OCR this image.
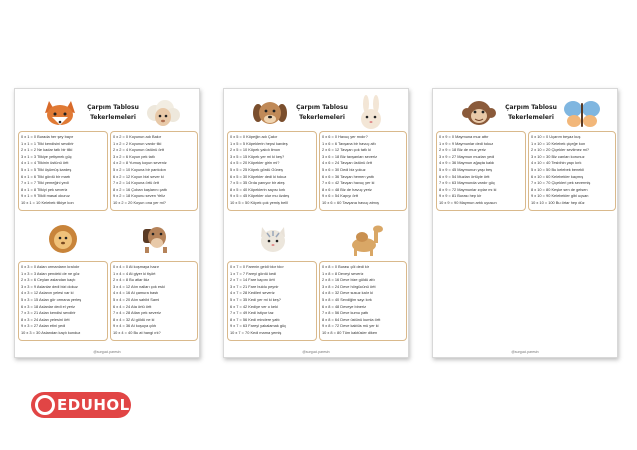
Çarpım Tablosu
Tekerlemeleri
0 x 1 = 0 Burada her şey bayır
1 x 1 = 1 Tilki kendisini sevdirir
2 x 1 = 2 Ne kadar tatlı bir tilki
3 x 1 = 3 Tilkiye yetişmek güç
4 x 1 = 4 Tilkinin üstünü örtt
5 x 1 = 5 Tilki üşümüş kardeş
6 x 1 = 6 Tilki gördü bir martı
7 x 1 = 7 Tilki yemeğini yedi
8 x 1 = 8 Tilkiyi pek severiz
9 x 1 = 9 Tilkili masal okuruz
10 x 1 = 10 Kelebek tilkiye kon
0 x 2 = 0 Koyunun adı Bakır
1 x 2 = 2 Koyunun vardır tiki
2 x 2 = 4 Koyunun üstünü örtt
3 x 2 = 6 Koyun pek tatlı
4 x 2 = 8 Yumuş koyun seveniz
5 x 2 = 10 Koyuna bir pantolon
6 x 2 = 12 Koyun bizi sever ki
7 x 2 = 14 Koyuna örtü örtt
8 x 2 = 16 Çoban kaşlarını çattı
9 x 2 = 18 Koyunu seven Yeliz
10 x 2 = 20 Koyun ona yer mi?
0 x 3 = 0 Aslan ormanların kralıdır
1 x 3 = 3 Aslan pendeki de ne göz
2 x 3 = 6 Ceylan aslandan kaçtı
3 x 3 = 9 Aslanlar dedi bizi dokuz
4 x 3 = 12 Aslanın yelesi var ki
5 x 3 = 15 Aslan gör ormana yerleş
6 x 3 = 18 Aslanlar dedi el yeriz
7 x 3 = 21 Aslan kendisi sevdirir
8 x 3 = 24 Aslan yelesini örtt
9 x 3 = 27 Aslan etini yedi
10 x 3 = 30 Aslandan kaçtı kunduz
0 x 4 = 0 At koşmaya hazır
1 x 4 = 4 At giyer ki tişört
2 x 4 = 8 Bu atlar ikiz
3 x 4 = 12 Atın nalları çok eski
4 x 4 = 16 At çamura bastı
5 x 4 = 20 Atın sahibi Sami
6 x 4 = 24 Ata örtü örtt
7 x 4 = 28 Atları pek severiz
8 x 4 = 32 Al göldü ne ki
9 x 4 = 36 At koşuya çıktı
10 x 4 = 40 Bu at hangi ırk?
@surguci.paresin
Çarpım Tablosu
Tekerlemeleri
0 x 5 = 0 Köpeğin adı Çakır
1 x 5 = 5 Köpeklerin hepsi kardeş
2 x 5 = 10 Köpek yalıdı limon
3 x 5 = 15 Köpek yer mi ki keş?
4 x 5 = 20 Köpekler girin mi?
5 x 5 = 25 Köpek gördü Güneş
6 x 5 = 30 Köpekler dedi ki tokuz
7 x 5 = 35 Orda yanıyor bir ateş
8 x 5 = 40 Köpeklerin sayısı kırk
9 x 5 = 45 Köpekler olur mu özdeş
10 x 5 = 50 Köpek çok yemiş bellî
0 x 6 = 0 Havuç yer mıdır?
1 x 6 = 6 Tavşana bir havuç altı
2 x 6 = 12 Tavşan çok tatlı ki
3 x 6 = 18 Biz tavşanları severiz
4 x 6 = 24 Tavşan üstünü örtt
5 x 6 = 30 Dedi biz yokuz
6 x 6 = 36 Tavşan hemen yattı
7 x 6 = 42 Tavşan havuç yer ki
8 x 6 = 48 Biz de havuç yeriz
9 x 6 = 54 Kapıyı örtt
10 x 6 = 60 Tavşana havuç atmış
0 x 7 = 0 Farenin geldi tıkır tıkır
1 x 7 = 7 Fareyi gördü kedi
2 x 7 = 14 Fare kapını örtt
3 x 7 = 21 Fare buldu peynir
4 x 7 = 28 Kedileri severiz
5 x 7 = 35 Kedi yer mi ki keş?
6 x 7 = 42 Kediye ver o keki
7 x 7 = 49 Kedi istiyor taz
8 x 7 = 56 Kedi mindere yattı
9 x 7 = 63 Fareyi yakalamak güç
10 x 7 = 70 Kedi mama yemiş
0 x 8 = 0 Burası çöl dedi kir
1 x 8 = 8 Deveyi severiz
2 x 8 = 16 Deve bize güldü attı
3 x 8 = 24 Deve hörgücünü örtt
4 x 8 = 32 Deve susuz kalır ki
5 x 8 = 40 Sevdiğim sayı kırk
6 x 8 = 48 Deveye bineriz
7 x 8 = 56 Deve kumu yattı
8 x 8 = 64 Deve üstünü kumla örtt
9 x 8 = 72 Deve kaktüs mü yer ki
10 x 8 = 80 Tüm kaktüsler diken
@surguci.paresin
Çarpım Tablosu
Tekerlemeleri
0 x 9 = 0 Maymuna muz attır
1 x 9 = 9 Maymunlar dedi tokuz
2 x 9 = 18 Biz de muz yeriz
3 x 9 = 27 Maymun muzları yedi
4 x 9 = 36 Maymun ağaçta kaldı
5 x 9 = 45 Maymunun yaşı beş
6 x 9 = 54 Muzları örtüyle örtt
7 x 9 = 63 Maymunda vardır güç
8 x 9 = 72 Maymunlar zıplar mı ki
9 x 9 = 81 Burası hep kir
10 x 9 = 90 Maymun artık uyusun
0 x 10 = 0 Uçarım beyaz kuş
1 x 10 = 10 Kelebek çiçeğe kon
2 x 10 = 20 Çiçekler sevilmez mi?
3 x 10 = 30 Biz canları korunuz
4 x 10 = 40 Tesbihin yapı kırk
5 x 10 = 50 Bu kelebek benekli
6 x 10 = 60 Kelebekler kaçmış
7 x 10 = 70 Çiçekleri pek severmiş
8 x 10 = 80 Keşke sen de gelsen
9 x 10 = 90 Kelebekler gibi uçsan
10 x 10 = 100 Bu örtar hep düz
@surguci.paresin
EDUHOL
